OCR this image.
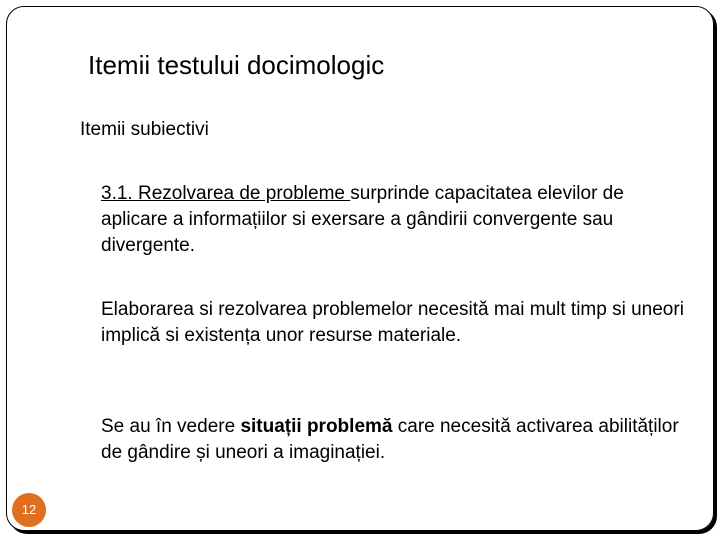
Itemii testului docimologic
Itemii subiectivi
3.1. Rezolvarea de probleme surprinde capacitatea elevilor de aplicare a informațiilor si exersare a gândirii convergente sau divergente.
Elaborarea si rezolvarea problemelor necesită mai mult timp si uneori implică si existența unor resurse materiale.
Se au în vedere situații problemă care necesită activarea abilităților de gândire și uneori a imaginației.
12
